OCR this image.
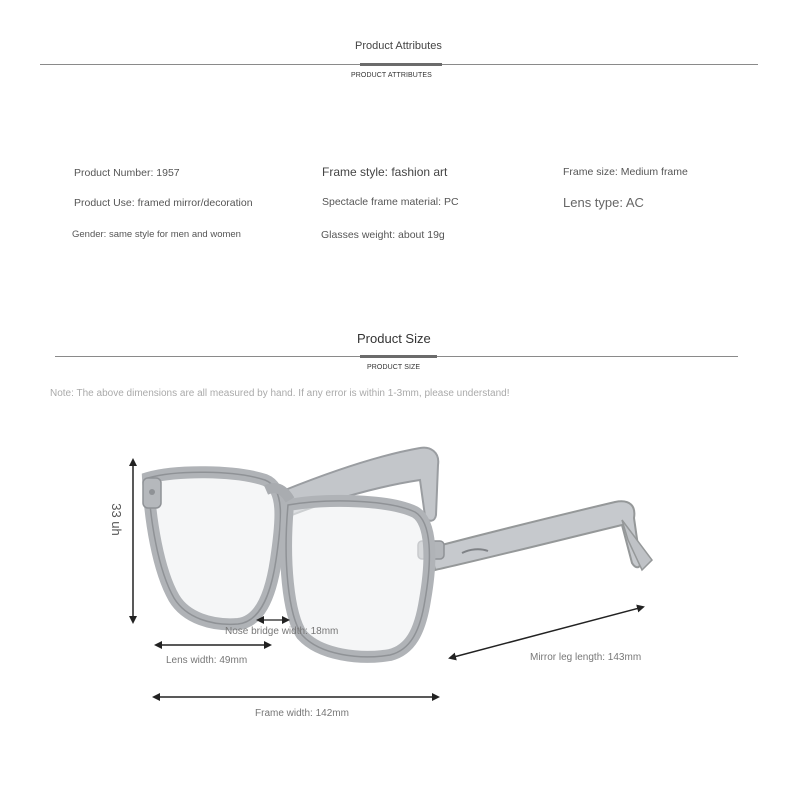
Product Attributes
PRODUCT ATTRIBUTES
Product Number: 1957
Product Use: framed mirror/decoration
Gender: same style for men and women
Frame style: fashion art
Spectacle frame material: PC
Glasses weight: about 19g
Frame size: Medium frame
Lens type: AC
Product Size
PRODUCT SIZE
Note: The above dimensions are all measured by hand. If any error is within 1-3mm, please understand!
33 uh
Nose bridge width: 18mm
Lens width: 49mm	Mirror leg length: 143mm
Frame width: 142mm
